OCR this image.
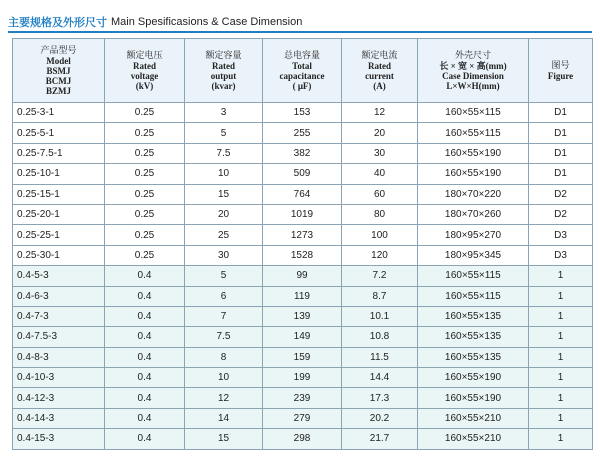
主要规格及外形尺寸 Main Spesificasions & Case Dimension
产品型号
Model
BSMJ
BCMJ
BZMJ	额定电压
Rated
voltage
(kV)	额定容量
Rated
output
(kvar)	总电容量
Total
capacitance
( μF)	额定电流
Rated
current
(A)	外壳尺寸
长 × 宽 × 高(mm)
Case Dimension
L×W×H(mm)	图号
Figure

0.25-3-1	0.25	3	153	12	160×55×115	D1
0.25-5-1	0.25	5	255	20	160×55×115	D1
0.25-7.5-1	0.25	7.5	382	30	160×55×190	D1
0.25-10-1	0.25	10	509	40	160×55×190	D1
0.25-15-1	0.25	15	764	60	180×70×220	D2
0.25-20-1	0.25	20	1019	80	180×70×260	D2
0.25-25-1	0.25	25	1273	100	180×95×270	D3
0.25-30-1	0.25	30	1528	120	180×95×345	D3
0.4-5-3	0.4	5	99	7.2	160×55×115	1
0.4-6-3	0.4	6	119	8.7	160×55×115	1
0.4-7-3	0.4	7	139	10.1	160×55×135	1
0.4-7.5-3	0.4	7.5	149	10.8	160×55×135	1
0.4-8-3	0.4	8	159	11.5	160×55×135	1
0.4-10-3	0.4	10	199	14.4	160×55×190	1
0.4-12-3	0.4	12	239	17.3	160×55×190	1
0.4-14-3	0.4	14	279	20.2	160×55×210	1
0.4-15-3	0.4	15	298	21.7	160×55×210	1
